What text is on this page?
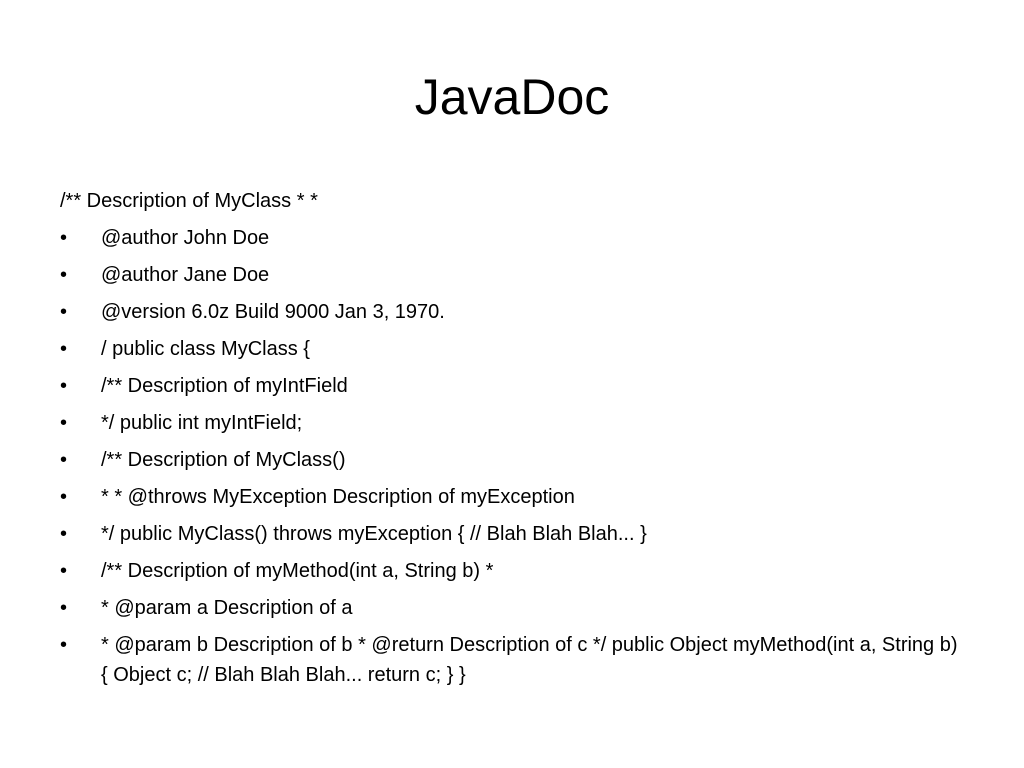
JavaDoc

/** Description of MyClass * *

•	@author John Doe
•	@author Jane Doe
•	@version 6.0z Build 9000 Jan 3, 1970.
•	/ public class MyClass {
•	/** Description of myIntField
•	*/ public int myIntField;
•	/** Description of MyClass()
•	* * @throws MyException Description of myException
•	*/ public MyClass() throws myException { // Blah Blah Blah... }
•	/** Description of myMethod(int a, String b) *
•	* @param a Description of a
•	* @param b Description of b * @return Description of c */ public Object myMethod(int a, String b) { Object c; // Blah Blah Blah... return c; } }
